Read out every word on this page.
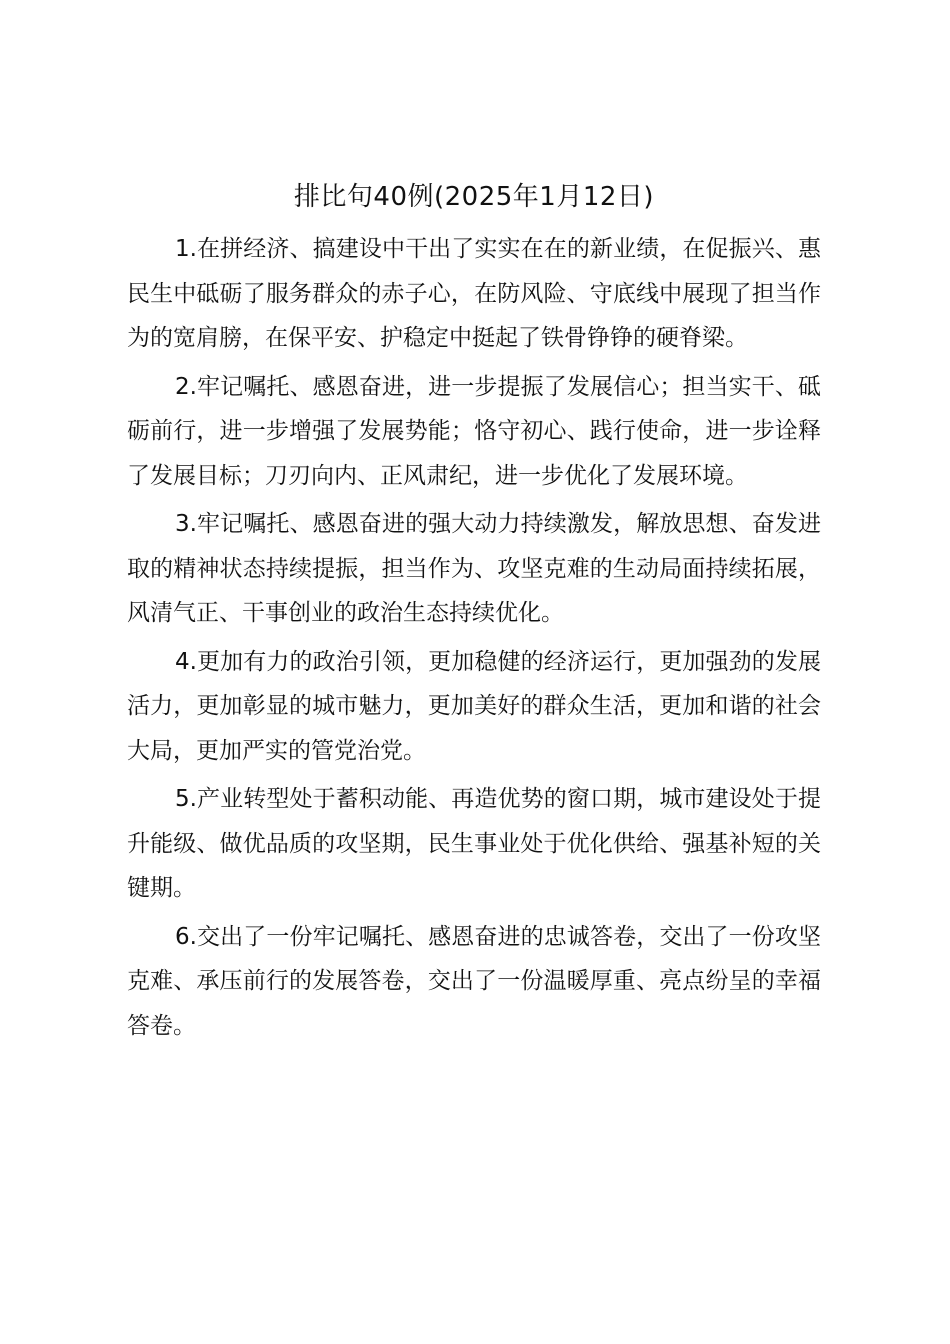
排比句40例(2025年1月12日)

1.在拼经济、搞建设中干出了实实在在的新业绩，在促振兴、惠民生中砥砺了服务群众的赤子心，在防风险、守底线中展现了担当作为的宽肩膀，在保平安、护稳定中挺起了铁骨铮铮的硬脊梁。

2.牢记嘱托、感恩奋进，进一步提振了发展信心；担当实干、砥砺前行，进一步增强了发展势能；恪守初心、践行使命，进一步诠释了发展目标；刀刃向内、正风肃纪，进一步优化了发展环境。

3.牢记嘱托、感恩奋进的强大动力持续激发，解放思想、奋发进取的精神状态持续提振，担当作为、攻坚克难的生动局面持续拓展，风清气正、干事创业的政治生态持续优化。

4.更加有力的政治引领，更加稳健的经济运行，更加强劲的发展活力，更加彰显的城市魅力，更加美好的群众生活，更加和谐的社会大局，更加严实的管党治党。

5.产业转型处于蓄积动能、再造优势的窗口期，城市建设处于提升能级、做优品质的攻坚期，民生事业处于优化供给、强基补短的关键期。

6.交出了一份牢记嘱托、感恩奋进的忠诚答卷，交出了一份攻坚克难、承压前行的发展答卷，交出了一份温暖厚重、亮点纷呈的幸福答卷。
